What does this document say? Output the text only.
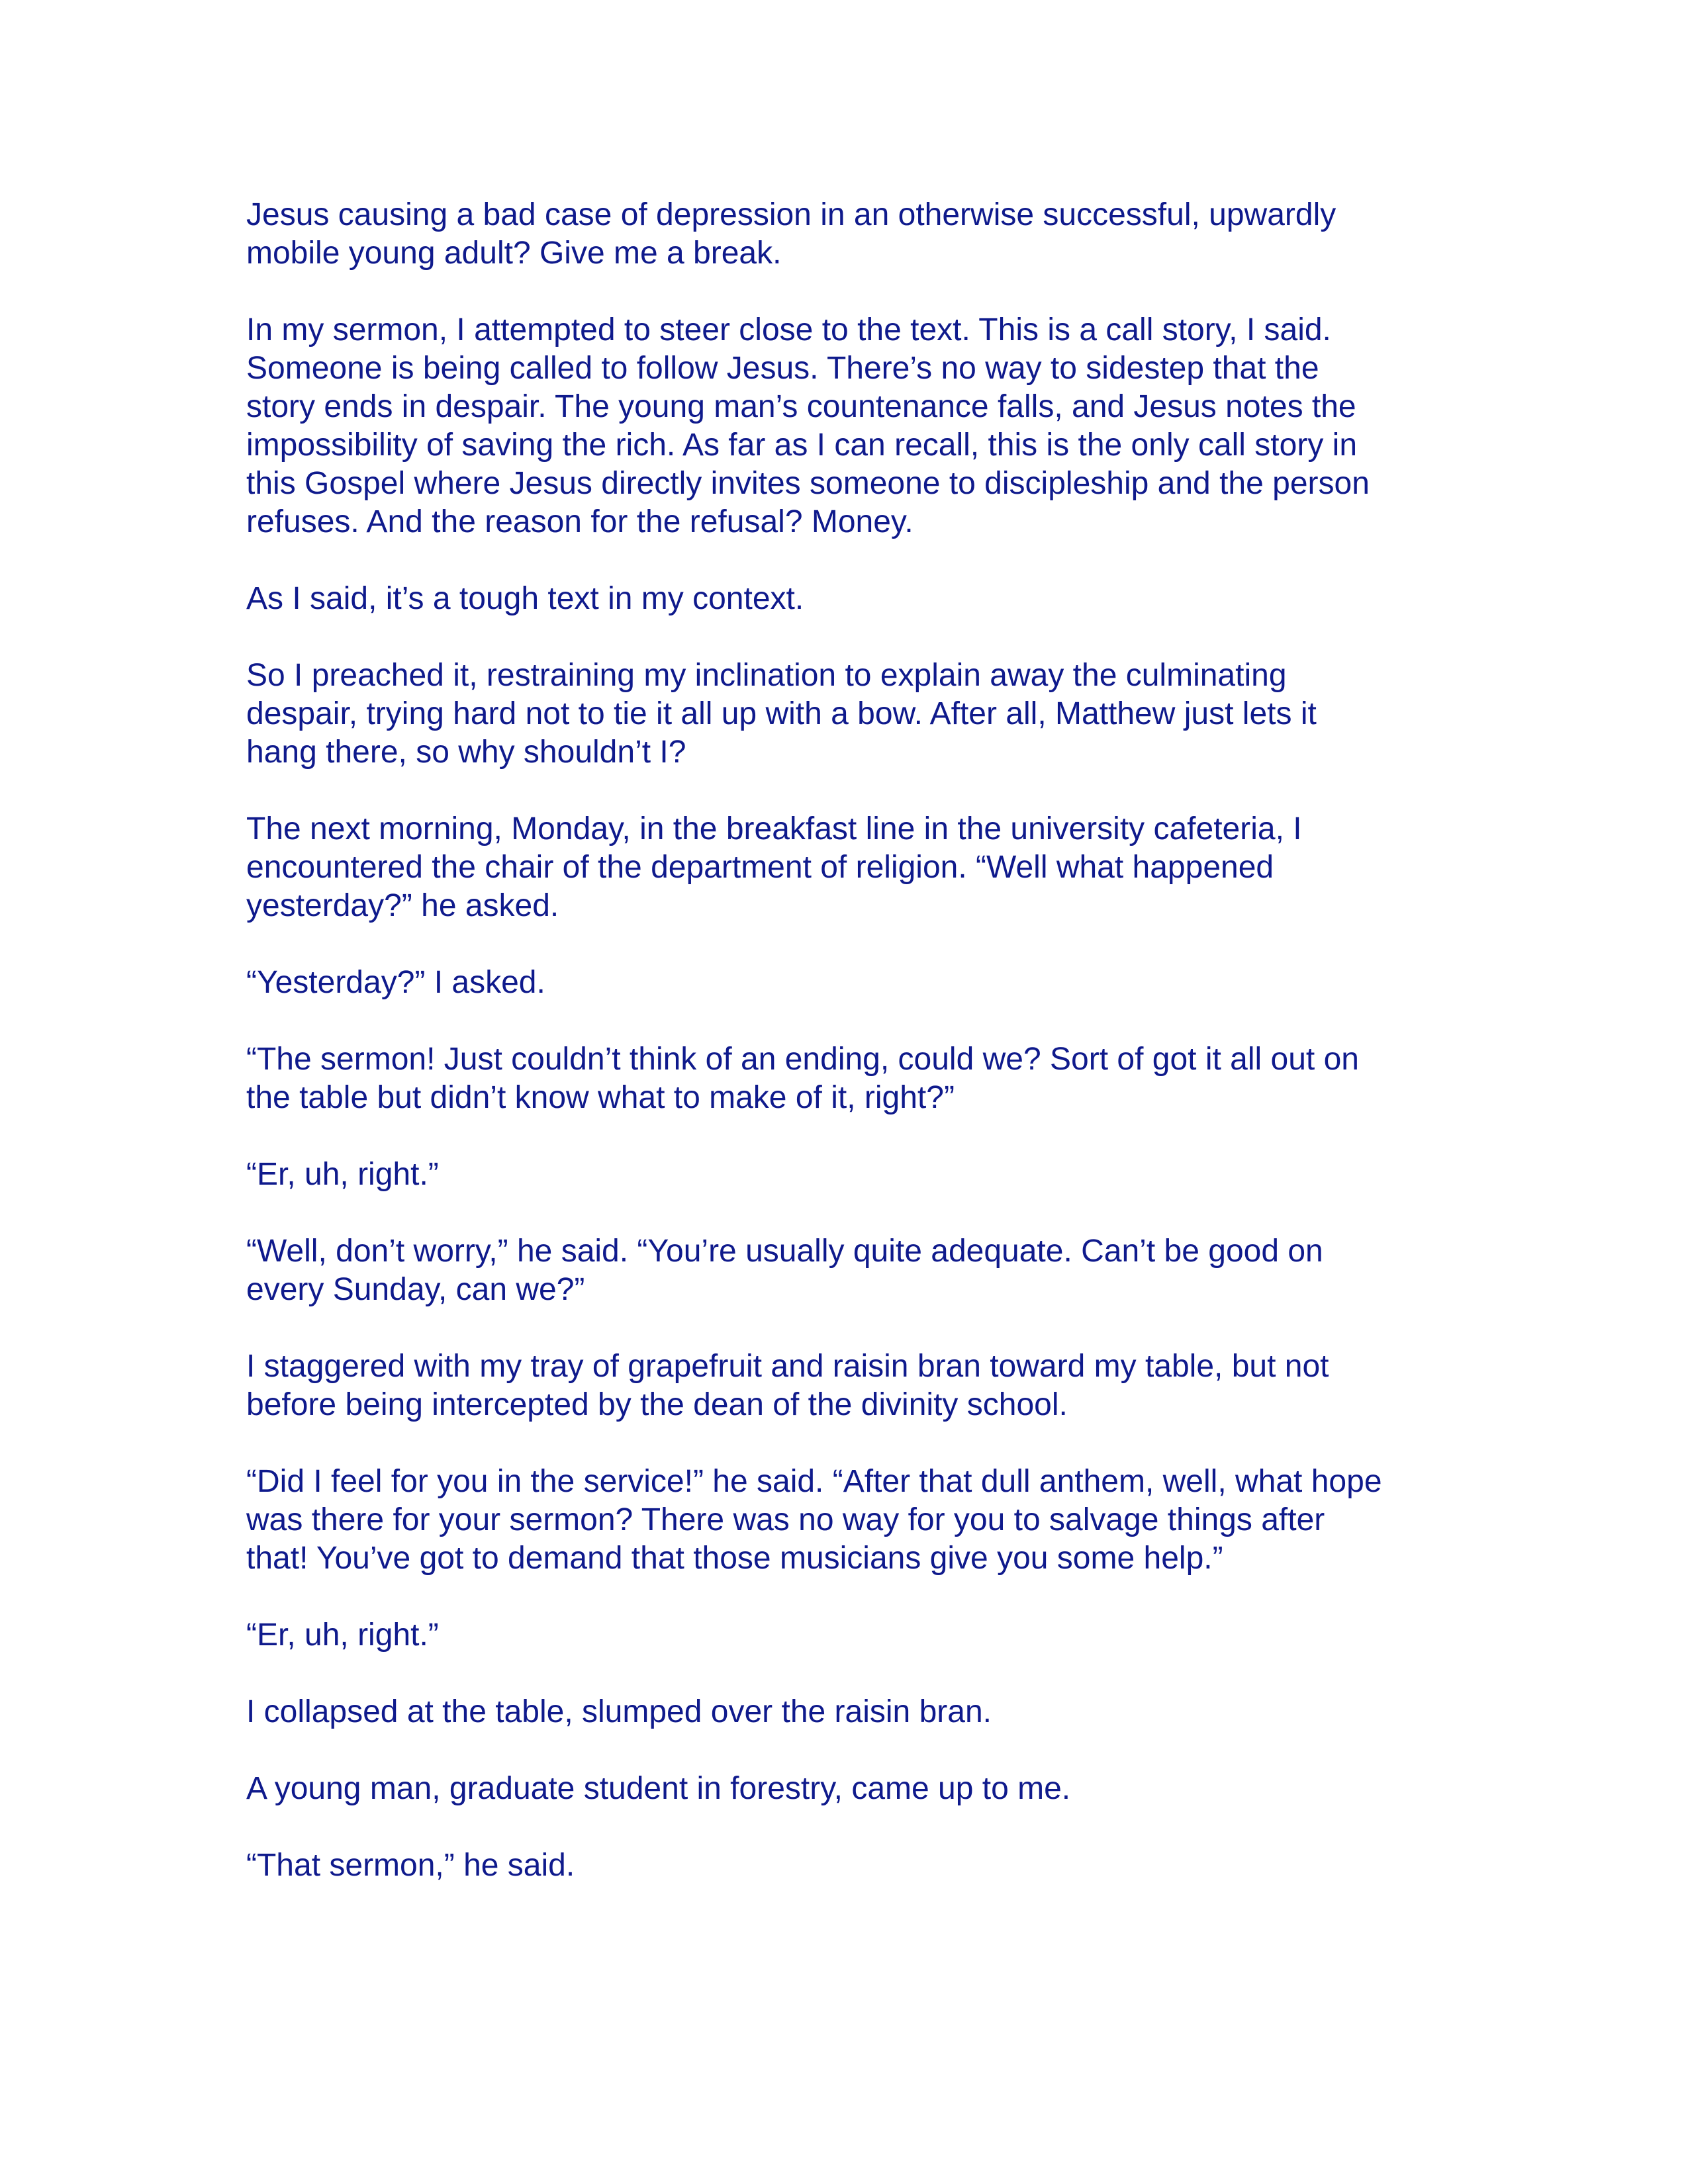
Jesus causing a bad case of depression in an otherwise successful, upwardly
mobile young adult? Give me a break.

In my sermon, I attempted to steer close to the text. This is a call story, I said.
Someone is being called to follow Jesus. There’s no way to sidestep that the
story ends in despair. The young man’s countenance falls, and Jesus notes the
impossibility of saving the rich. As far as I can recall, this is the only call story in
this Gospel where Jesus directly invites someone to discipleship and the person
refuses. And the reason for the refusal? Money.

As I said, it’s a tough text in my context.

So I preached it, restraining my inclination to explain away the culminating
despair, trying hard not to tie it all up with a bow. After all, Matthew just lets it
hang there, so why shouldn’t I?

The next morning, Monday, in the breakfast line in the university cafeteria, I
encountered the chair of the department of religion. “Well what happened
yesterday?” he asked.

“Yesterday?” I asked.

“The sermon! Just couldn’t think of an ending, could we? Sort of got it all out on
the table but didn’t know what to make of it, right?”

“Er, uh, right.”

“Well, don’t worry,” he said. “You’re usually quite adequate. Can’t be good on
every Sunday, can we?”

I staggered with my tray of grapefruit and raisin bran toward my table, but not
before being intercepted by the dean of the divinity school.

“Did I feel for you in the service!” he said. “After that dull anthem, well, what hope
was there for your sermon? There was no way for you to salvage things after
that! You’ve got to demand that those musicians give you some help.”

“Er, uh, right.”

I collapsed at the table, slumped over the raisin bran.

A young man, graduate student in forestry, came up to me.

“That sermon,” he said.
